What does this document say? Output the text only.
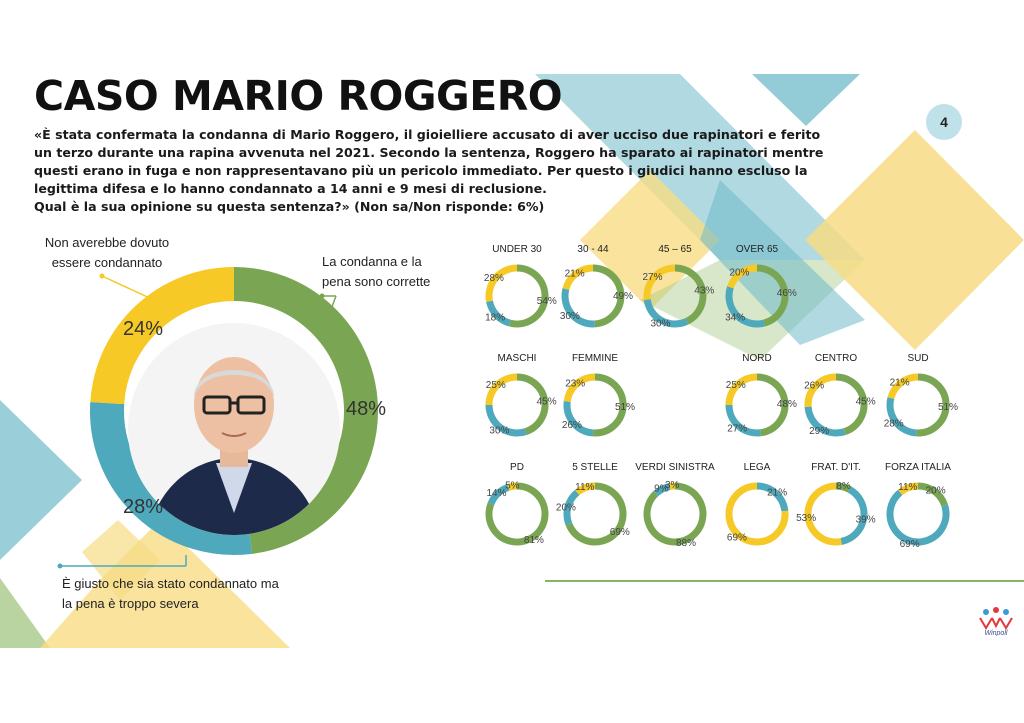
CASO MARIO ROGGERO

«È stata confermata la condanna di Mario Roggero, il gioielliere accusato di aver ucciso due rapinatori e ferito un terzo durante una rapina avvenuta nel 2021. Secondo la sentenza, Roggero ha sparato ai rapinatori mentre questi erano in fuga e non rappresentavano più un pericolo immediato. Per questo i giudici hanno escluso la legittima difesa e lo hanno condannato a 14 anni e 9 mesi di reclusione.
Qual è la sua opinione su questa sentenza?» (Non sa/Non risponde: 6%)

4
24%
48%
28%
Non averebbe dovuto
essere condannato	La condanna e la
pena sono corrette
È giusto che sia stato condannato ma
la pena è troppo severa
UNDER 30
54%
18%
28%
30 - 44
49%
30%
21%
45 – 65
43%
30%
27%
OVER 65
46%
34%
20%
MASCHI
45%
30%
25%
FEMMINE
51%
26%
23%
NORD
48%
27%
25%
CENTRO
45%
29%
26%
SUD
51%
28%
21%
PD
81%
14%
5%
5 STELLE
69%
20%
11%
VERDI SINISTRA
88%
9%
3%
LEGA
21%
69%
FRAT. D'IT.
8%
39%
53%
FORZA ITALIA
20%
69%
11%
Winpoll
